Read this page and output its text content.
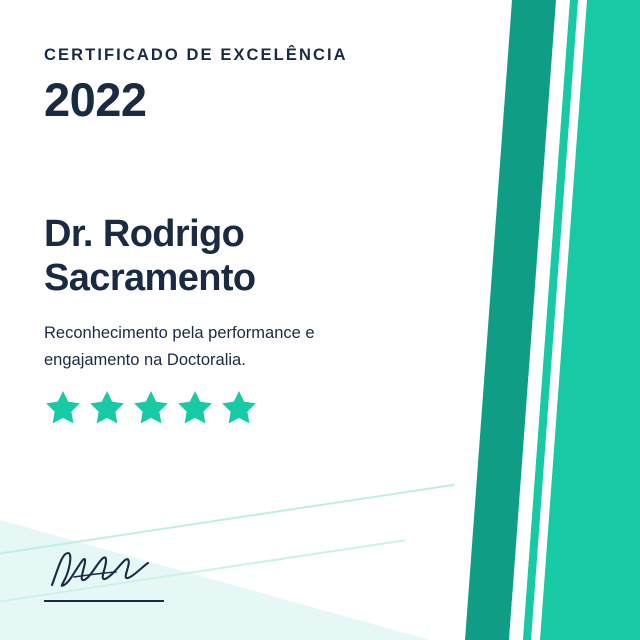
CERTIFICADO DE EXCELÊNCIA
2022
Dr. Rodrigo Sacramento
Reconhecimento pela performance e engajamento na Doctoralia.
